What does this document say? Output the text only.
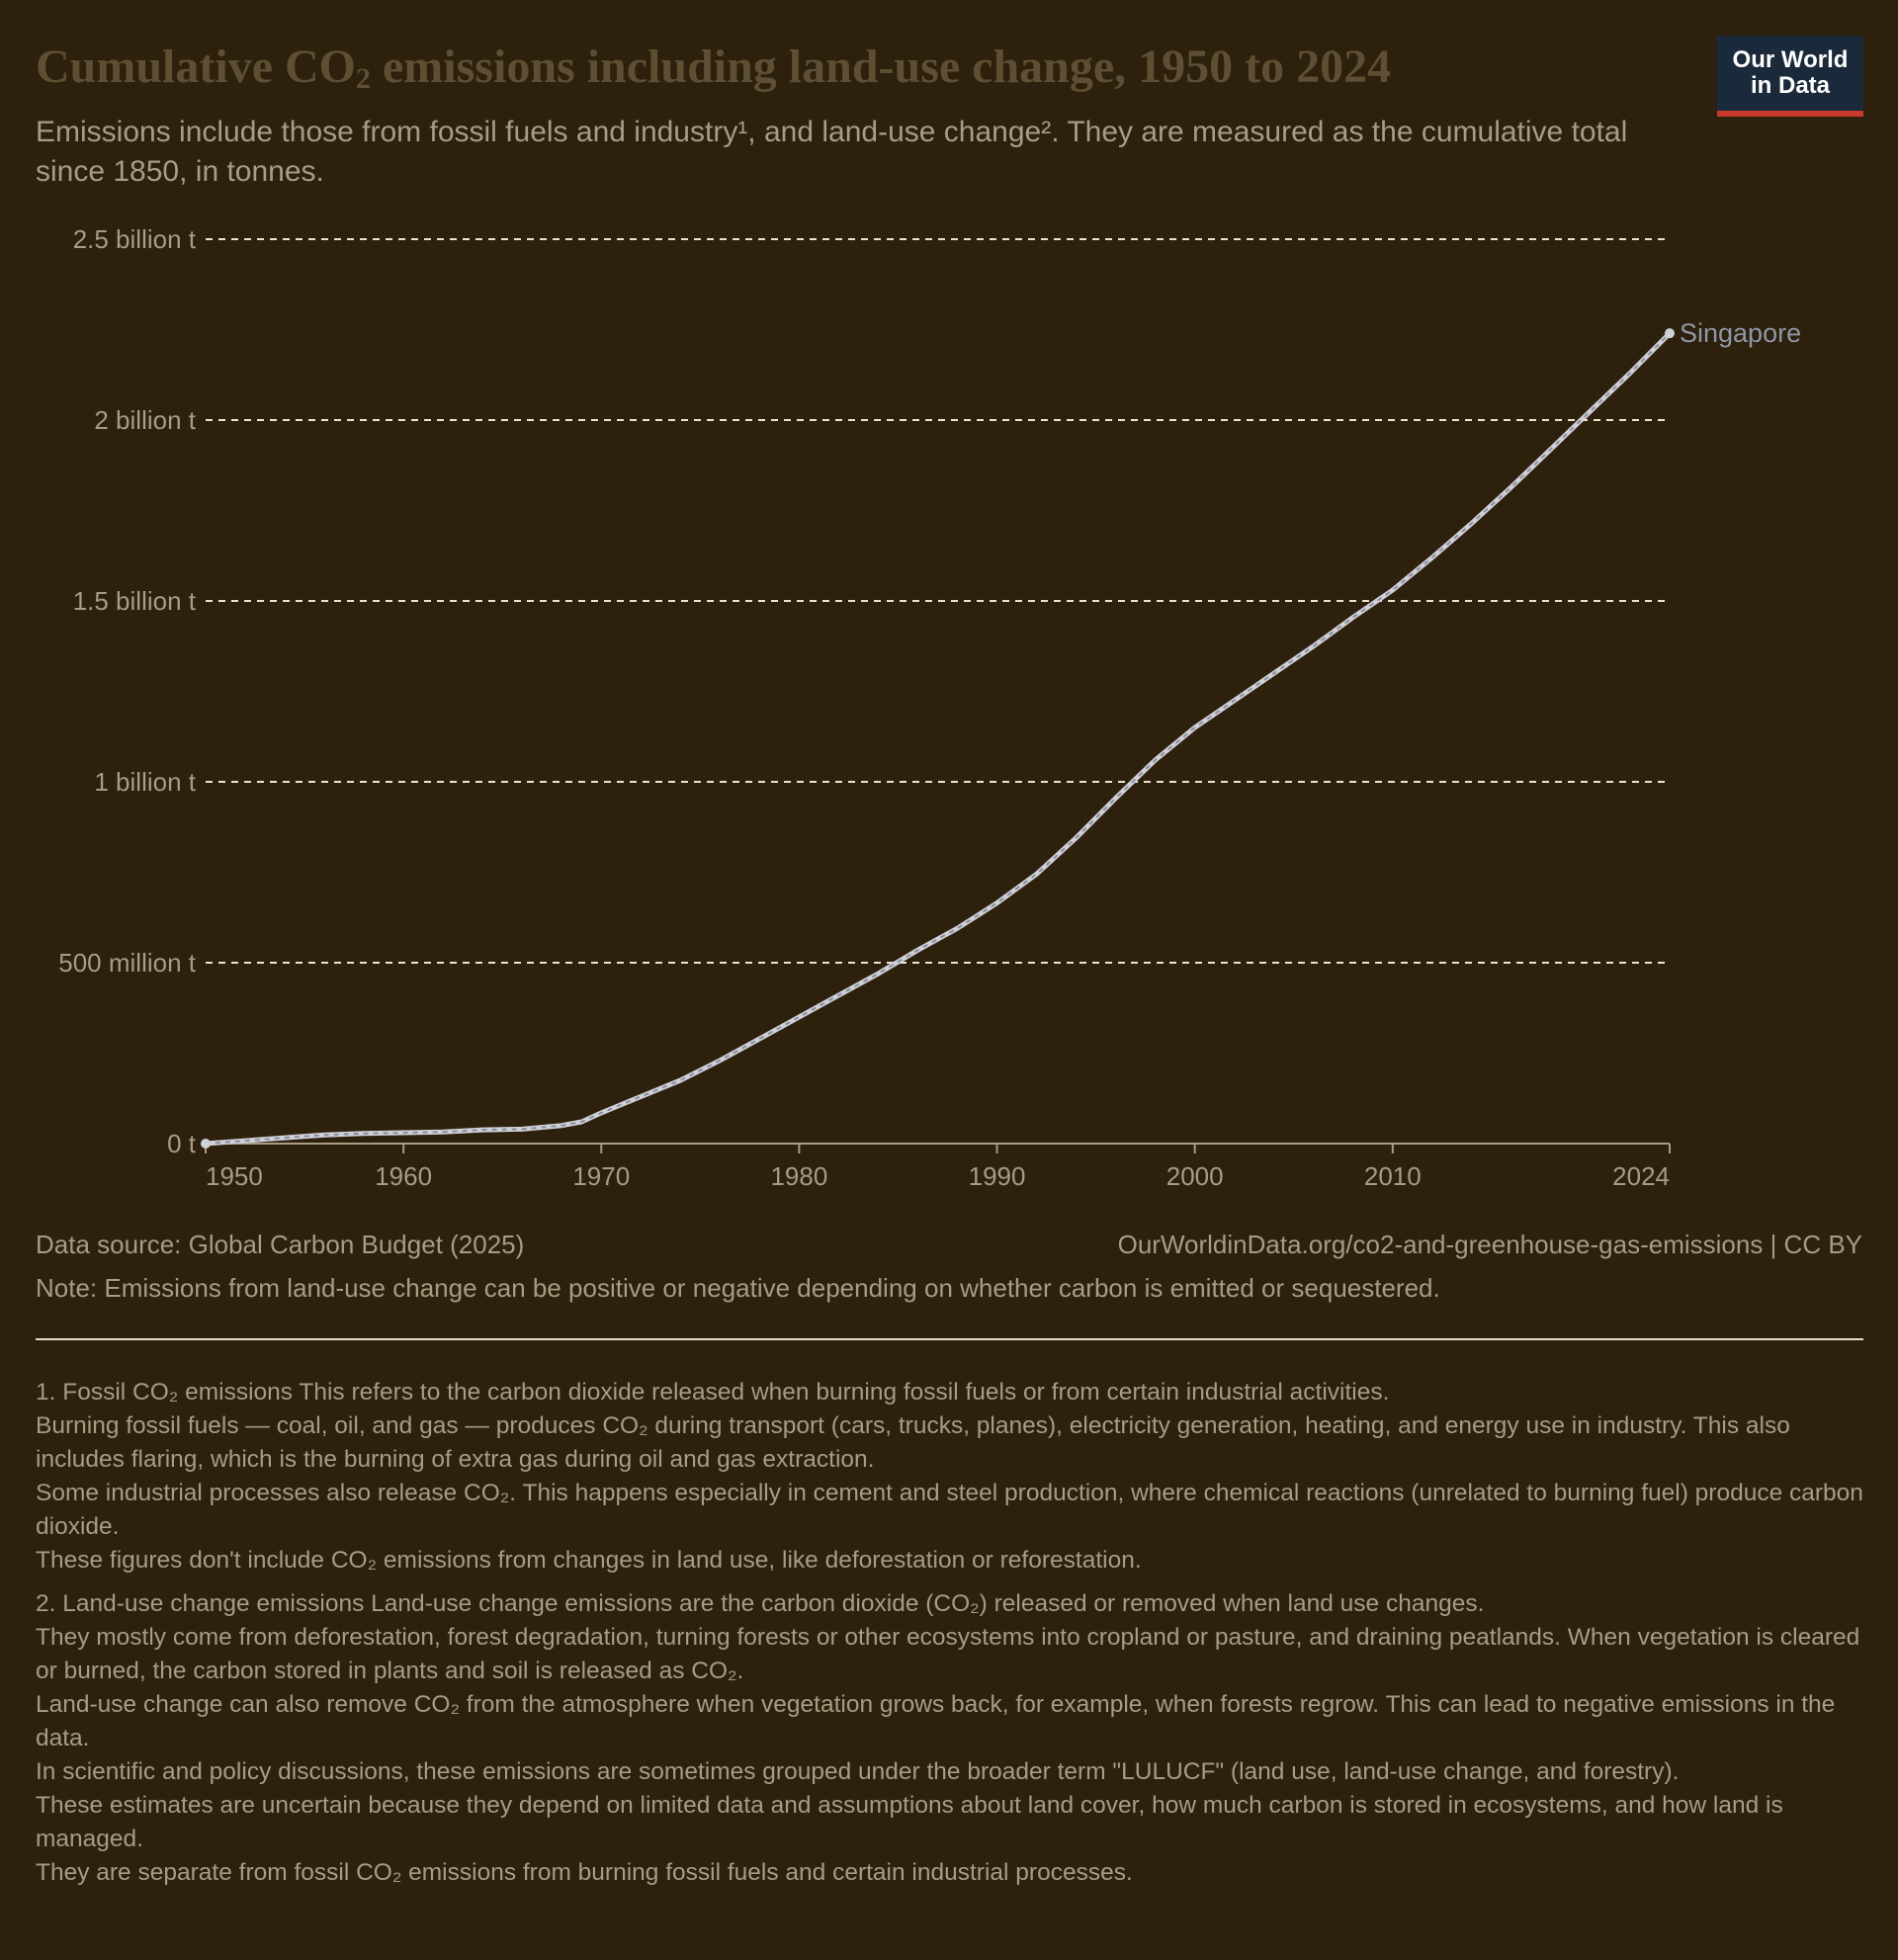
Cumulative $CO_2$ emissions including land-use change, 1950 to 2024

Emissions include those from fossil fuels and industry¹, and land-use change². They are measured as the cumulative total since 1850, in tonnes.

Our World
in Data
0 t
500 million t
1 billion t
1.5 billion t
2 billion t
2.5 billion t
1950	1960	1970	1980	1990	2000	2010	2024
Singapore
Data source: Global Carbon Budget (2025)	OurWorldinData.org/co2-and-greenhouse-gas-emissions | CC BY
Note: Emissions from land-use change can be positive or negative depending on whether carbon is emitted or sequestered.
1. Fossil CO₂ emissions This refers to the carbon dioxide released when burning fossil fuels or from certain industrial activities.
Burning fossil fuels — coal, oil, and gas — produces CO₂ during transport (cars, trucks, planes), electricity generation, heating, and energy use in industry. This also includes flaring, which is the burning of extra gas during oil and gas extraction.
Some industrial processes also release CO₂. This happens especially in cement and steel production, where chemical reactions (unrelated to burning fuel) produce carbon dioxide.
These figures don't include CO₂ emissions from changes in land use, like deforestation or reforestation.
2. Land-use change emissions Land-use change emissions are the carbon dioxide (CO₂) released or removed when land use changes.
They mostly come from deforestation, forest degradation, turning forests or other ecosystems into cropland or pasture, and draining peatlands. When vegetation is cleared or burned, the carbon stored in plants and soil is released as CO₂.
Land-use change can also remove CO₂ from the atmosphere when vegetation grows back, for example, when forests regrow. This can lead to negative emissions in the data.
In scientific and policy discussions, these emissions are sometimes grouped under the broader term "LULUCF" (land use, land-use change, and forestry).
These estimates are uncertain because they depend on limited data and assumptions about land cover, how much carbon is stored in ecosystems, and how land is managed.
They are separate from fossil CO₂ emissions from burning fossil fuels and certain industrial processes.
